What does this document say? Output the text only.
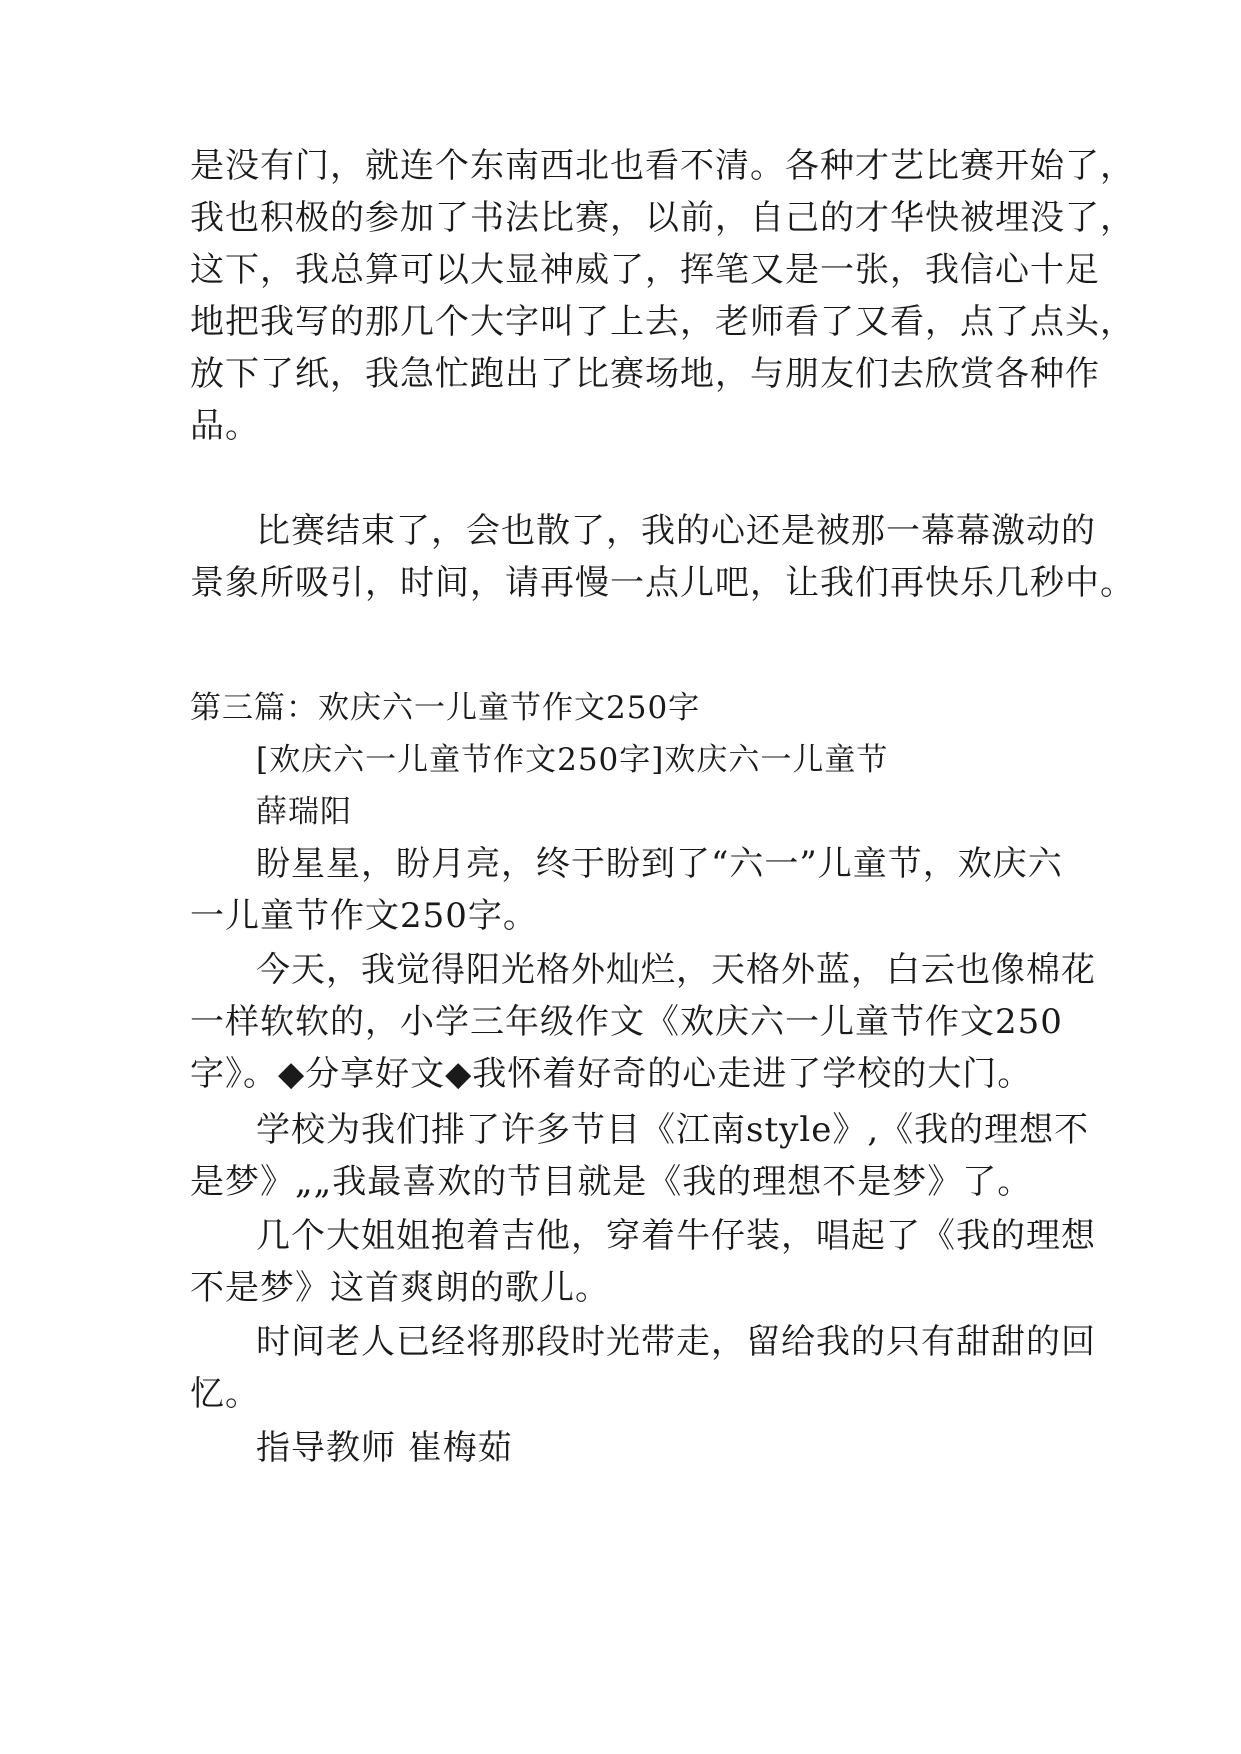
是没有门，就连个东南西北也看不清。各种才艺比赛开始了，
我也积极的参加了书法比赛，以前，自己的才华快被埋没了，
这下，我总算可以大显神威了，挥笔又是一张，我信心十足
地把我写的那几个大字叫了上去，老师看了又看，点了点头，
放下了纸，我急忙跑出了比赛场地，与朋友们去欣赏各种作
品。
比赛结束了，会也散了，我的心还是被那一幕幕激动的
景象所吸引，时间，请再慢一点儿吧，让我们再快乐几秒中。
第三篇：欢庆六一儿童节作文250字
[欢庆六一儿童节作文250字]欢庆六一儿童节
薛瑞阳
盼星星，盼月亮，终于盼到了“六一”儿童节，欢庆六
一儿童节作文250字。
今天，我觉得阳光格外灿烂，天格外蓝，白云也像棉花
一样软软的，小学三年级作文《欢庆六一儿童节作文250
字》。◆分享好文◆我怀着好奇的心走进了学校的大门。
学校为我们排了许多节目《江南style》,《我的理想不
是梦》„„我最喜欢的节目就是《我的理想不是梦》了。
几个大姐姐抱着吉他，穿着牛仔装，唱起了《我的理想
不是梦》这首爽朗的歌儿。
时间老人已经将那段时光带走，留给我的只有甜甜的回
忆。
指导教师 崔梅茹
